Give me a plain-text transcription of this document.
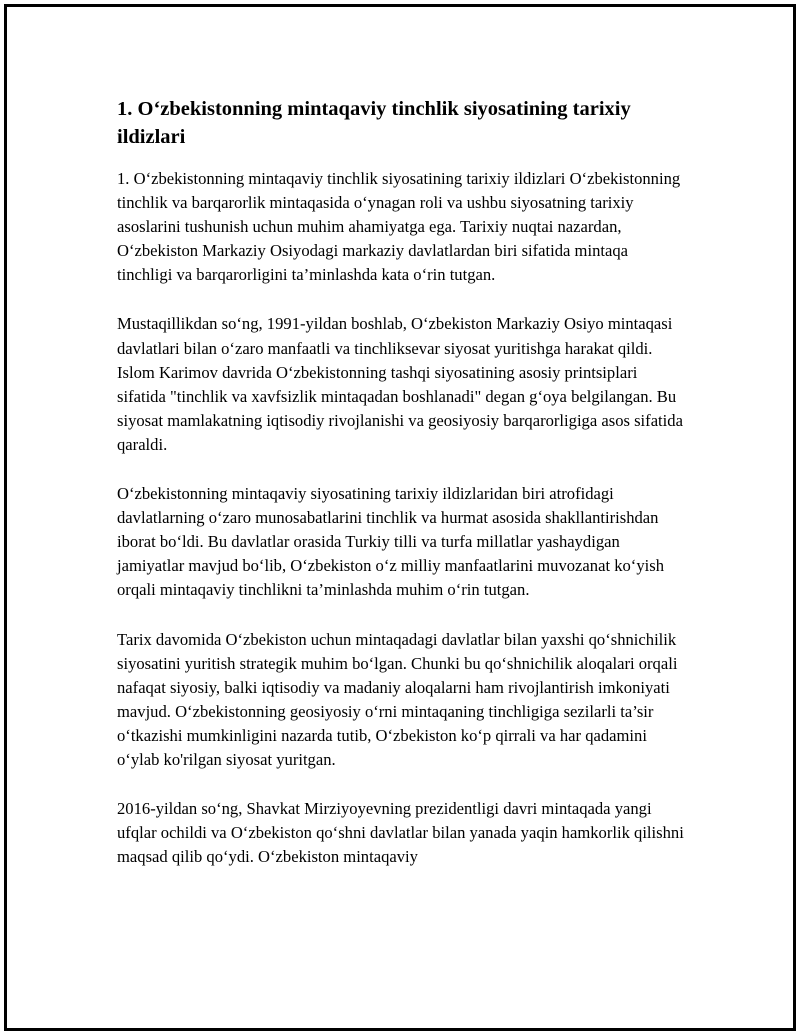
1. O‘zbekistonning mintaqaviy tinchlik siyosatining tarixiy ildizlari

1. O‘zbekistonning mintaqaviy tinchlik siyosatining tarixiy ildizlari O‘zbekistonning tinchlik va barqarorlik mintaqasida o‘ynagan roli va ushbu siyosatning tarixiy asoslarini tushunish uchun muhim ahamiyatga ega. Tarixiy nuqtai nazardan, O‘zbekiston Markaziy Osiyodagi markaziy davlatlardan biri sifatida mintaqa tinchligi va barqarorligini ta’minlashda kata o‘rin tutgan.

Mustaqillikdan so‘ng, 1991-yildan boshlab, O‘zbekiston Markaziy Osiyo mintaqasi davlatlari bilan o‘zaro manfaatli va tinchliksevar siyosat yuritishga harakat qildi. Islom Karimov davrida O‘zbekistonning tashqi siyosatining asosiy printsiplari sifatida "tinchlik va xavfsizlik mintaqadan boshlanadi" degan g‘oya belgilangan. Bu siyosat mamlakatning iqtisodiy rivojlanishi va geosiyosiy barqarorligiga asos sifatida qaraldi.

O‘zbekistonning mintaqaviy siyosatining tarixiy ildizlaridan biri atrofidagi davlatlarning o‘zaro munosabatlarini tinchlik va hurmat asosida shakllantirishdan iborat bo‘ldi. Bu davlatlar orasida Turkiy tilli va turfa millatlar yashaydigan jamiyatlar mavjud bo‘lib, O‘zbekiston o‘z milliy manfaatlarini muvozanat ko‘yish orqali mintaqaviy tinchlikni ta’minlashda muhim o‘rin tutgan.

Tarix davomida O‘zbekiston uchun mintaqadagi davlatlar bilan yaxshi qo‘shnichilik siyosatini yuritish strategik muhim bo‘lgan. Chunki bu qo‘shnichilik aloqalari orqali nafaqat siyosiy, balki iqtisodiy va madaniy aloqalarni ham rivojlantirish imkoniyati mavjud. O‘zbekistonning geosiyosiy o‘rni mintaqaning tinchligiga sezilarli ta’sir o‘tkazishi mumkinligini nazarda tutib, O‘zbekiston ko‘p qirrali va har qadamini o‘ylab ko'rilgan siyosat yuritgan.

2016-yildan so‘ng, Shavkat Mirziyoyevning prezidentligi davri mintaqada yangi ufqlar ochildi va O‘zbekiston qo‘shni davlatlar bilan yanada yaqin hamkorlik qilishni maqsad qilib qo‘ydi. O‘zbekiston mintaqaviy
